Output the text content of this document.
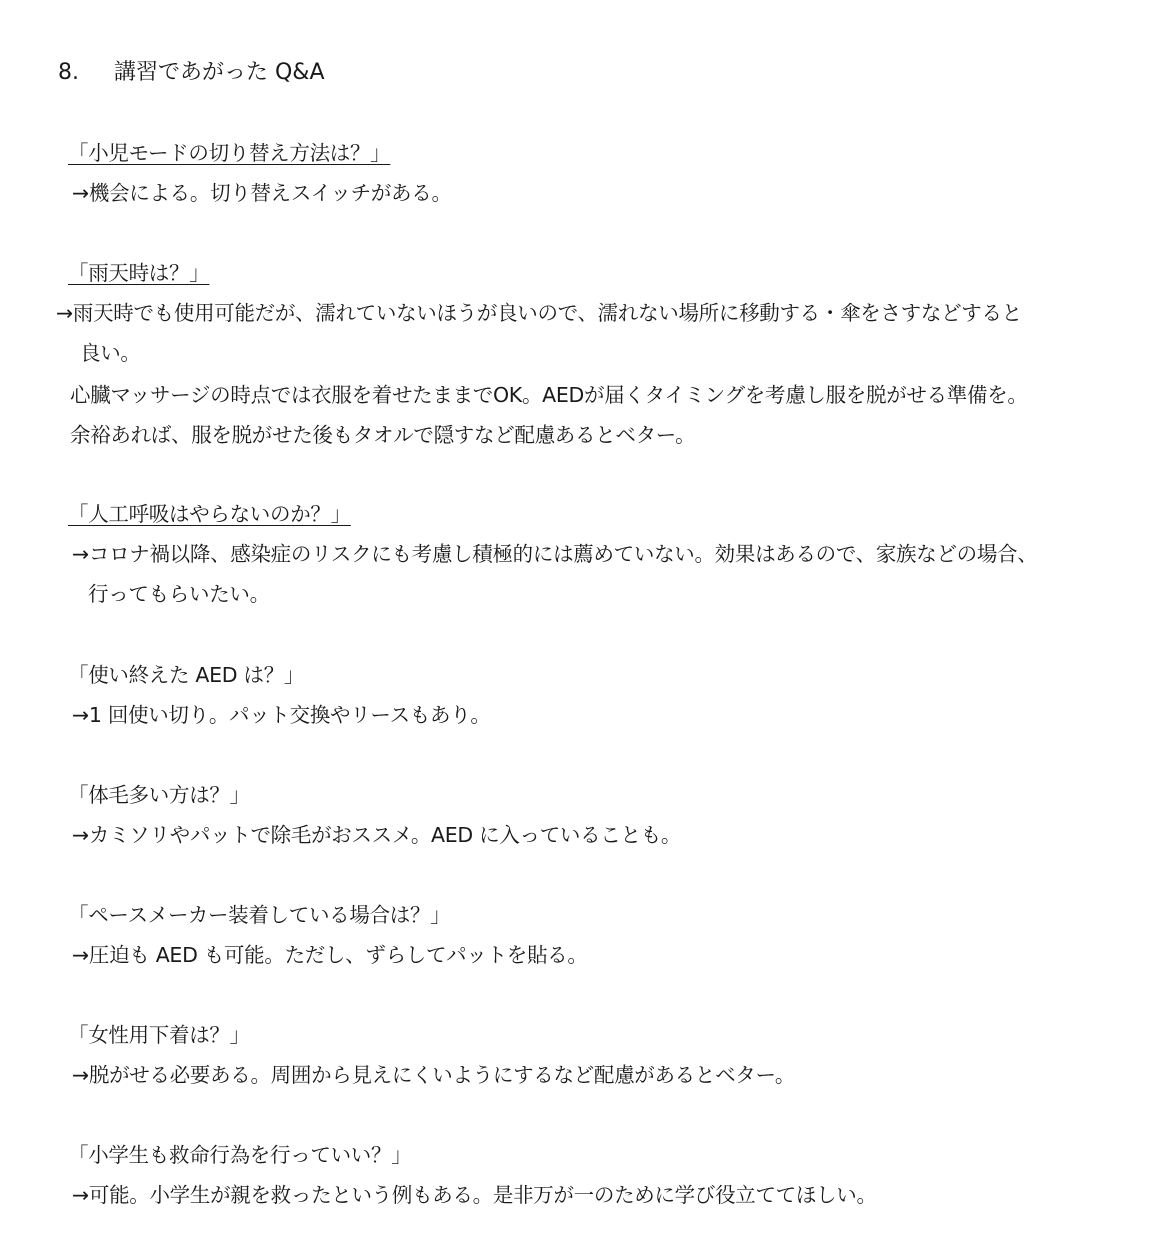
8. 講習であがった Q&A
「小児モードの切り替え方法は？」
→機会による。切り替えスイッチがある。
「雨天時は？」
→雨天時でも使用可能だが、濡れていないほうが良いので、濡れない場所に移動する・傘をさすなどすると
良い。
心臓マッサージの時点では衣服を着せたままでOK。AEDが届くタイミングを考慮し服を脱がせる準備を。
余裕あれば、服を脱がせた後もタオルで隠すなど配慮あるとベター。
「人工呼吸はやらないのか？」
→コロナ禍以降、感染症のリスクにも考慮し積極的には薦めていない。効果はあるので、家族などの場合、
行ってもらいたい。
「使い終えた AED は？」
→1 回使い切り。パット交換やリースもあり。
「体毛多い方は？」
→カミソリやパットで除毛がおススメ。AED に入っていることも。
「ペースメーカー装着している場合は？」
→圧迫も AED も可能。ただし、ずらしてパットを貼る。
「女性用下着は？」
→脱がせる必要ある。周囲から見えにくいようにするなど配慮があるとベター。
「小学生も救命行為を行っていい？」
→可能。小学生が親を救ったという例もある。是非万が一のために学び役立ててほしい。
